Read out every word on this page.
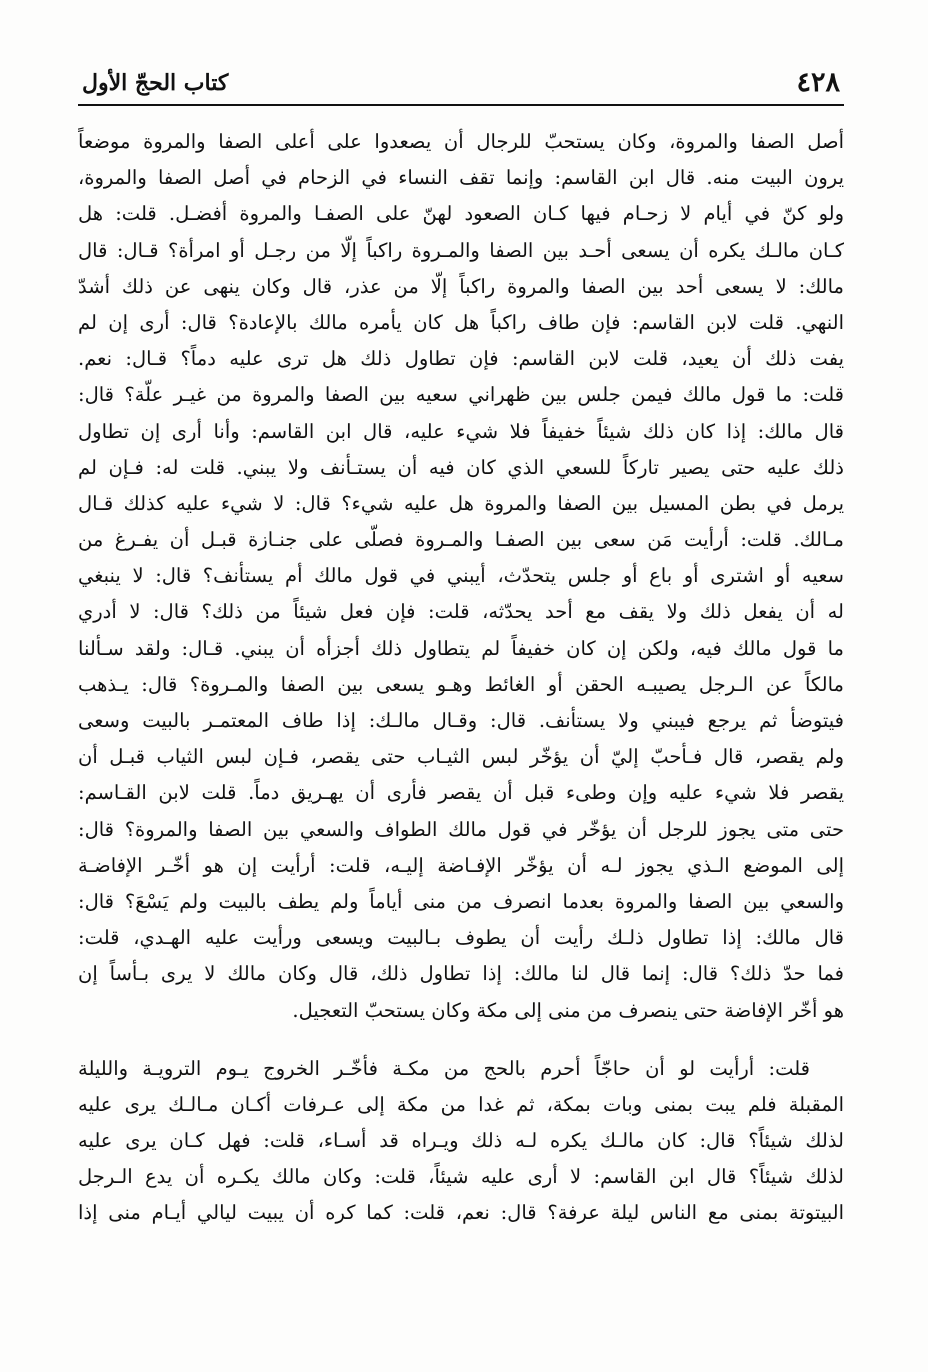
٤٢٨
كتاب الحجّ الأول
أصل الصفا والمروة، وكان يستحبّ للرجال أن يصعدوا على أعلى الصفا والمروة موضعاً
يرون البيت منه. قال ابن القاسم: وإنما تقف النساء في الزحام في أصل الصفا والمروة،
ولو كنّ في أيام لا زحـام فيها كـان الصعود لهنّ على الصفـا والمروة أفضـل. قلت: هل
كـان مالـك يكره أن يسعى أحـد بين الصفا والمـروة راكباً إلّا من رجـل أو امرأة؟ قـال: قال
مالك: لا يسعى أحد بين الصفا والمروة راكباً إلّا من عذر، قال وكان ينهى عن ذلك أشدّ
النهي. قلت لابن القاسم: فإن طاف راكباً هل كان يأمره مالك بالإعادة؟ قال: أرى إن لم
يفت ذلك أن يعيد، قلت لابن القاسم: فإن تطاول ذلك هل ترى عليه دماً؟ قـال: نعم.
قلت: ما قول مالك فيمن جلس بين ظهراني سعيه بين الصفا والمروة من غيـر علّة؟ قال:
قال مالك: إذا كان ذلك شيئاً خفيفاً فلا شيء عليه، قال ابن القاسم: وأنا أرى إن تطاول
ذلك عليه حتى يصير تاركاً للسعي الذي كان فيه أن يستـأنف ولا يبني. قلت له: فـإن لم
يرمل في بطن المسيل بين الصفا والمروة هل عليه شيء؟ قال: لا شيء عليه كذلك قـال
مـالك. قلت: أرأيت مَن سعى بين الصفـا والمـروة فصلّى على جنـازة قبـل أن يفـرغ من
سعيه أو اشترى أو باع أو جلس يتحدّث، أيبني في قول مالك أم يستأنف؟ قال: لا ينبغي
له أن يفعل ذلك ولا يقف مع أحد يحدّثه، قلت: فإن فعل شيئاً من ذلك؟ قال: لا أدري
ما قول مالك فيه، ولكن إن كان خفيفاً لم يتطاول ذلك أجزأه أن يبني. قـال: ولقد سـألنا
مالكاً عن الـرجل يصيبـه الحقن أو الغائط وهـو يسعى بين الصفا والمـروة؟ قال: يـذهب
فيتوضأ ثم يرجع فيبني ولا يستأنف. قال: وقـال مالـك: إذا طاف المعتمـر بالبيت وسعى
ولم يقصر، قال فـأحبّ إليّ أن يؤخّر لبس الثيـاب حتى يقصر، فـإن لبس الثياب قبـل أن
يقصر فلا شيء عليه وإن وطىء قبل أن يقصر فأرى أن يهـريق دماً. قلت لابن القـاسم:
حتى متى يجوز للرجل أن يؤخّر في قول مالك الطواف والسعي بين الصفا والمروة؟ قال:
إلى الموضع الـذي يجوز لـه أن يؤخّر الإفـاضة إليـه، قلت: أرأيت إن هو أخّـر الإفاضـة
والسعي بين الصفا والمروة بعدما انصرف من منى أياماً ولم يطف بالبيت ولم يَسْعَ؟ قال:
قال مالك: إذا تطاول ذلـك رأيت أن يطوف بـالبيت ويسعى ورأيت عليه الهـدي، قلت:
فما حدّ ذلك؟ قال: إنما قال لنا مالك: إذا تطاول ذلك، قال وكان مالك لا يرى بـأساً إن
هو أخّر الإفاضة حتى ينصرف من منى إلى مكة وكان يستحبّ التعجيل.
قلت: أرأيت لو أن حاجّاً أحرم بالحج من مكـة فأخّـر الخروج يـوم الترويـة والليلة
المقبلة فلم يبت بمنى وبات بمكة، ثم غدا من مكة إلى عـرفات أكـان مـالـك يرى عليه
لذلك شيئاً؟ قال: كان مالـك يكره لـه ذلك ويـراه قد أسـاء، قلت: فهل كـان يرى عليه
لذلك شيئاً؟ قال ابن القاسم: لا أرى عليه شيئاً، قلت: وكان مالك يكـره أن يدع الـرجل
البيتوتة بمنى مع الناس ليلة عرفة؟ قال: نعم، قلت: كما كره أن يبيت ليالي أيـام منى إذا
